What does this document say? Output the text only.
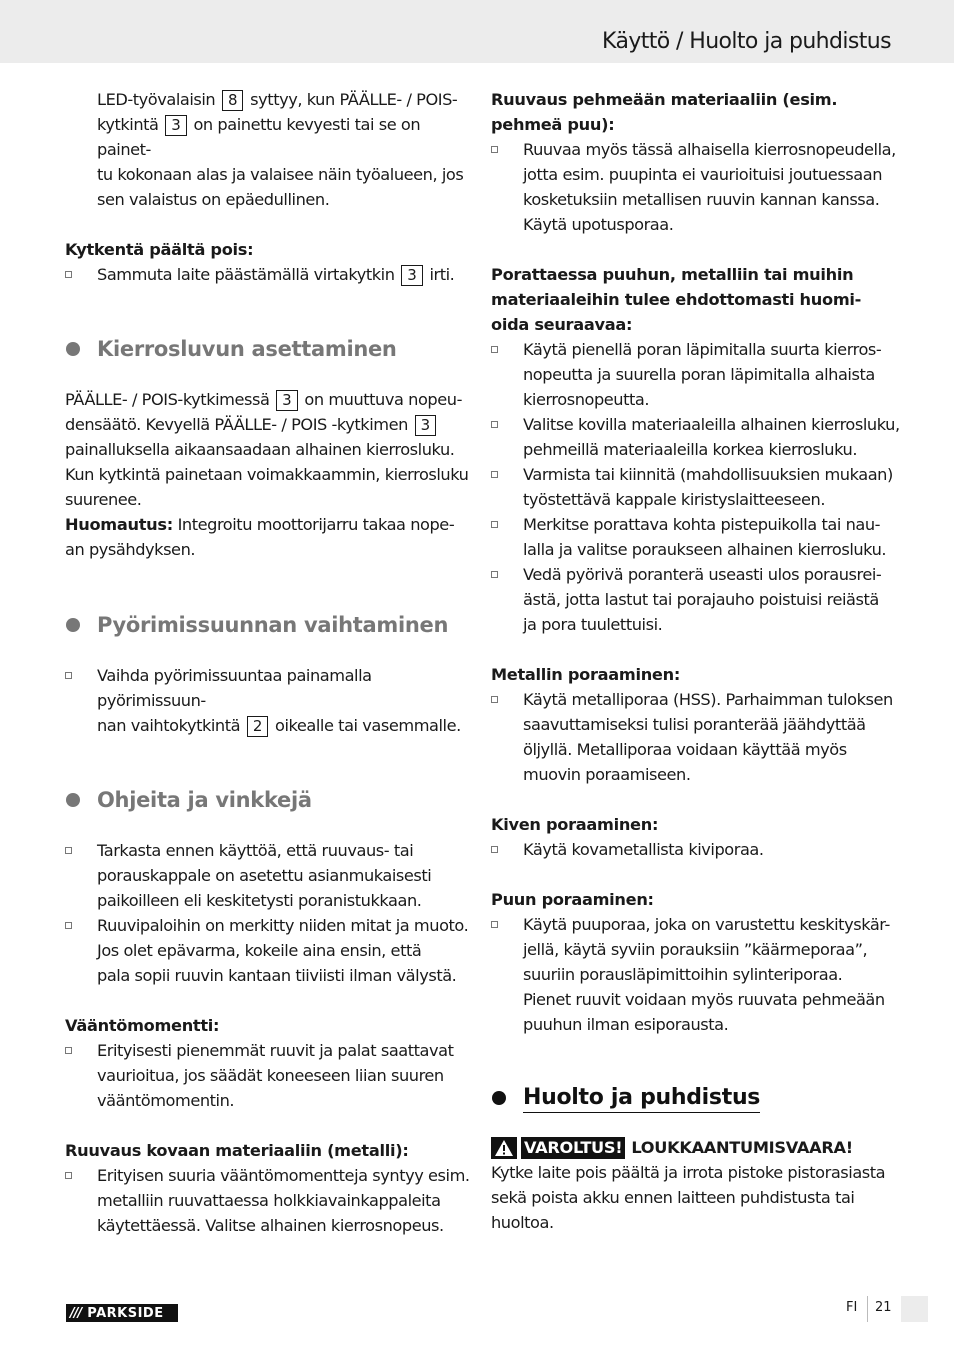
Käyttö / Huolto ja puhdistus
LED-työvalaisin 8 syttyy, kun PÄÄLLE- / POIS-
kytkintä 3 on painettu kevyesti tai se on painet-
tu kokonaan alas ja valaisee näin työalueen, jos
sen valaistus on epäedullinen.
Kytkentä päältä pois:
Sammuta laite päästämällä virtakytkin 3 irti.
Kierrosluvun asettaminen
PÄÄLLE- / POIS-kytkimessä 3 on muuttuva nopeu-
densäätö. Kevyellä PÄÄLLE- / POIS -kytkimen 3
painalluksella aikaansaadaan alhainen kierrosluku.
Kun kytkintä painetaan voimakkaammin, kierrosluku
suurenee.
Huomautus: Integroitu moottorijarru takaa nope-
an pysähdyksen.
Pyörimissuunnan vaihtaminen
Vaihda pyörimissuuntaa painamalla pyörimissuun-
nan vaihtokytkintä 2 oikealle tai vasemmalle.
Ohjeita ja vinkkejä
Tarkasta ennen käyttöä, että ruuvaus- tai
porauskappale on asetettu asianmukaisesti
paikoilleen eli keskitetysti poranistukkaan.
Ruuvipaloihin on merkitty niiden mitat ja muoto.
Jos olet epävarma, kokeile aina ensin, että
pala sopii ruuvin kantaan tiiviisti ilman välystä.
Vääntömomentti:
Erityisesti pienemmät ruuvit ja palat saattavat
vaurioitua, jos säädät koneeseen liian suuren
vääntömomentin.
Ruuvaus kovaan materiaaliin (metalli):
Erityisen suuria vääntömomentteja syntyy esim.
metalliin ruuvattaessa holkkiavainkappaleita
käytettäessä. Valitse alhainen kierrosnopeus.
Ruuvaus pehmeään materiaaliin (esim.
pehmeä puu):
Ruuvaa myös tässä alhaisella kierrosnopeudella,
jotta esim. puupinta ei vaurioituisi joutuessaan
kosketuksiin metallisen ruuvin kannan kanssa.
Käytä upotusporaa.
Porattaessa puuhun, metalliin tai muihin
materiaaleihin tulee ehdottomasti huomi-
oida seuraavaa:
Käytä pienellä poran läpimitalla suurta kierros-
nopeutta ja suurella poran läpimitalla alhaista
kierrosnopeutta.
Valitse kovilla materiaaleilla alhainen kierrosluku,
pehmeillä materiaaleilla korkea kierrosluku.
Varmista tai kiinnitä (mahdollisuuksien mukaan)
työstettävä kappale kiristyslaitteeseen.
Merkitse porattava kohta pistepuikolla tai nau-
lalla ja valitse poraukseen alhainen kierrosluku.
Vedä pyörivä poranterä useasti ulos porausrei-
ästä, jotta lastut tai porajauho poistuisi reiästä
ja pora tuulettuisi.
Metallin poraaminen:
Käytä metalliporaa (HSS). Parhaimman tuloksen
saavuttamiseksi tulisi poranterää jäähdyttää
öljyllä. Metalliporaa voidaan käyttää myös
muovin poraamiseen.
Kiven poraaminen:
Käytä kovametallista kiviporaa.
Puun poraaminen:
Käytä puuporaa, joka on varustettu keskityskär-
jellä, käytä syviin porauksiin ”käärmeporaa”,
suuriin porausläpimittoihin sylinteriporaa.
Pienet ruuvit voidaan myös ruuvata pehmeään
puuhun ilman esiporausta.
Huolto ja puhdistus
VAROLTUS! LOUKKAANTUMISVAARA!
Kytke laite pois päältä ja irrota pistoke pistorasiasta
sekä poista akku ennen laitteen puhdistusta tai
huoltoa.
/// PARKSIDE	FI 21
